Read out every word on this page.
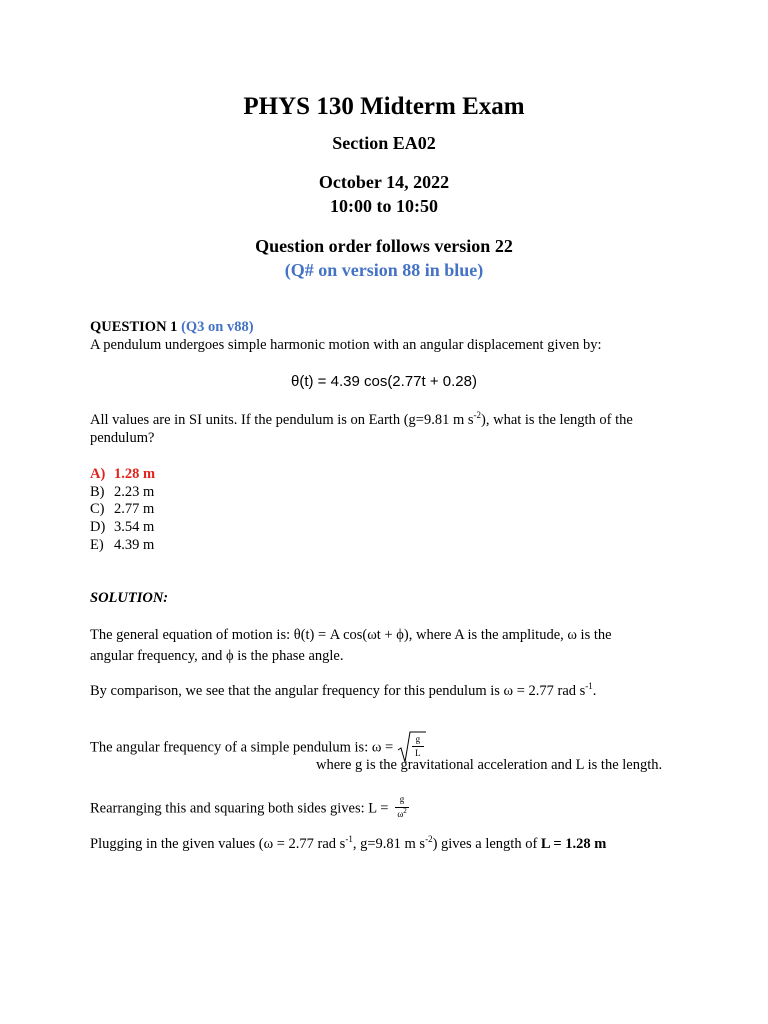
PHYS 130 Midterm Exam
Section EA02
October 14, 2022
10:00 to 10:50
Question order follows version 22
(Q# on version 88 in blue)
QUESTION 1 (Q3 on v88)
A pendulum undergoes simple harmonic motion with an angular displacement given by:
θ(t) = 4.39 cos(2.77t + 0.28)
All values are in SI units. If the pendulum is on Earth (g=9.81 m $s^{-2}$), what is the length of the
pendulum?
A) 1.28 m
B) 2.23 m
C) 2.77 m
D) 3.54 m
E) 4.39 m
SOLUTION:
The general equation of motion is: θ(t) = A cos(ωt + ϕ), where A is the amplitude, ω is the
angular frequency, and ϕ is the phase angle.
By comparison, we see that the angular frequency for this pendulum is ω = 2.77 rad $s^{-1}$.
The angular frequency of a simple pendulum is: $\omega = \frac{g}{L}$
where g is the gravitational acceleration and L is the length.
Rearranging this and squaring both sides gives: $L = \frac{g}{\omega^2}$
Plugging in the given values (ω = 2.77 rad $s^{-1}$, g=9.81 m $s^{-2}$) gives a length of L = 1.28 m
